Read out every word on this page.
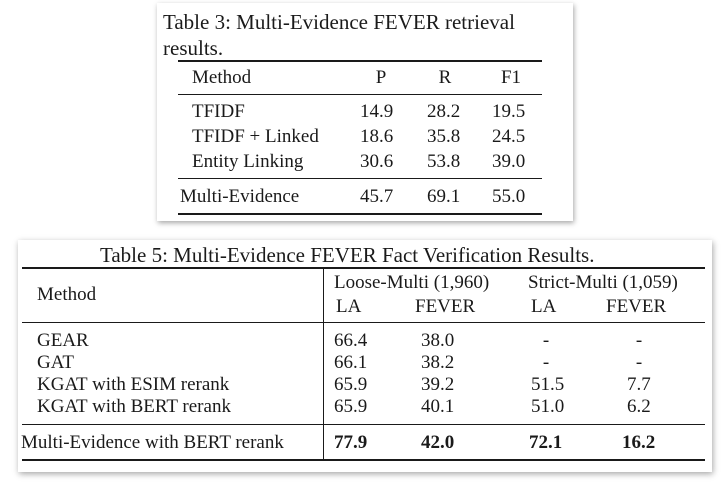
Table 3: Multi-Evidence FEVER retrieval
results.
Method	P	R	F1
TFIDF	14.9 28.2 19.5
TFIDF + Linked 18.6 35.8 24.5
Entity Linking	30.6 53.8 39.0
Multi-Evidence	45.7 69.1 55.0
Table 5: Multi-Evidence FEVER Fact Verification Results.
Method
Loose-Multi (1,960) Strict-Multi (1,059)
LA	FEVER	LA	FEVER
GEAR	66.4	38.0	-	-
GAT	66.1	38.2	-	-
KGAT with ESIM rerank	65.9	39.2	51.5	7.7
KGAT with BERT rerank	65.9	40.1	51.0	6.2
Multi-Evidence with BERT rerank	77.9	42.0	72.1	16.2
